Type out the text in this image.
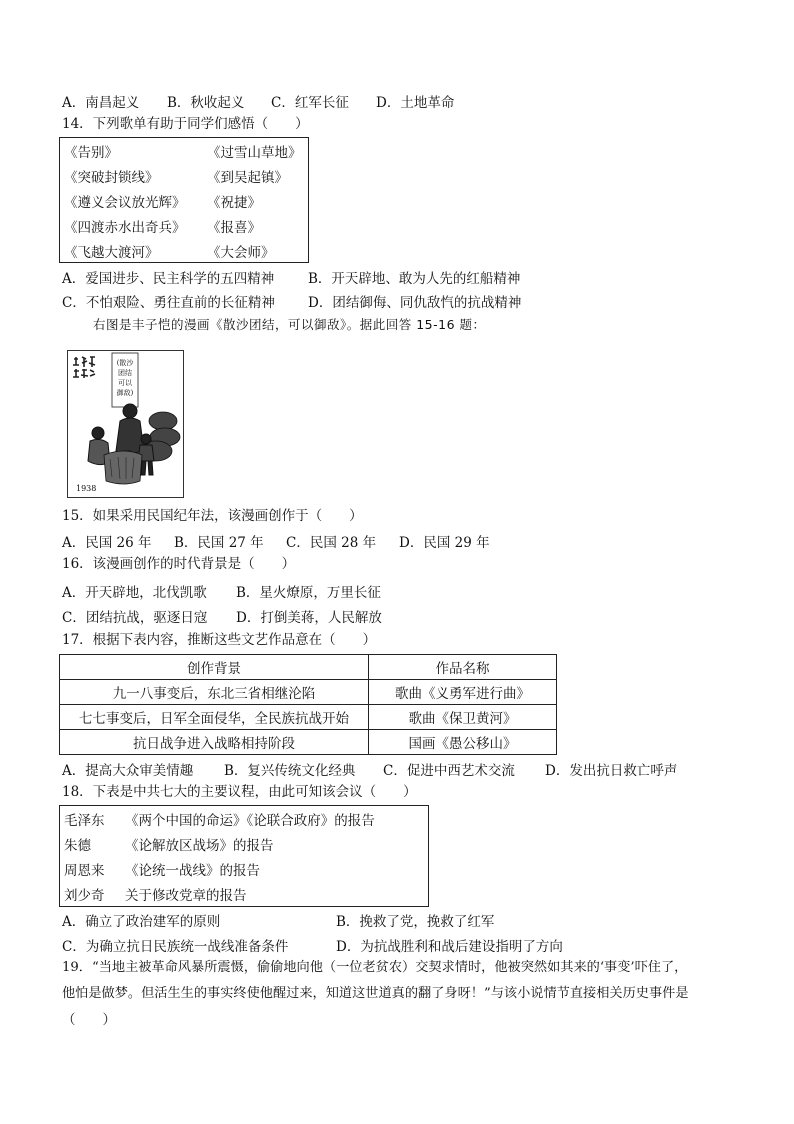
A．南昌起义 B．秋收起义 C．红军长征 D．土地革命
14．下列歌单有助于同学们感悟（　　）
《告别》	《过雪山草地》
《突破封锁线》	《到吴起镇》
《遵义会议放光辉》 《祝捷》
《四渡赤水出奇兵》 《报喜》
《飞越大渡河》	《大会师》
A．爱国进步、民主科学的五四精神	B．开天辟地、敢为人先的红船精神
C．不怕艰险、勇往直前的长征精神 D．团结御侮、同仇敌忾的抗战精神
右图是丰子恺的漫画《散沙团结，可以御敌》。据此回答 15-16 题：
(散沙
团结
可以
御敌)
1938
15．如果采用民国纪年法，该漫画创作于（　　）
A．民国 26 年 B．民国 27 年 C．民国 28 年 D．民国 29 年
16．该漫画创作的时代背景是（　　）
A．开天辟地，北伐凯歌 B．星火燎原，万里长征
C．团结抗战，驱逐日寇 D．打倒美蒋，人民解放
17．根据下表内容，推断这些文艺作品意在（　　）
创作背景	作品名称
九一八事变后，东北三省相继沦陷	歌曲《义勇军进行曲》
七七事变后，日军全面侵华，全民族抗战开始	歌曲《保卫黄河》
抗日战争进入战略相持阶段	国画《愚公移山》
A．提高大众审美情趣 B．复兴传统文化经典 C．促进中西艺术交流 D．发出抗日救亡呼声
18．下表是中共七大的主要议程，由此可知该会议（　　）
毛泽东 《两个中国的命运》《论联合政府》的报告
朱德	《论解放区战场》的报告
周恩来 《论统一战线》的报告
刘少奇 关于修改党章的报告
A．确立了政治建军的原则	B．挽救了党，挽救了红军
C．为确立抗日民族统一战线准备条件	D．为抗战胜利和战后建设指明了方向
19．“当地主被革命风暴所震慑，偷偷地向他（一位老贫农）交契求情时，他被突然如其来的‘事变’吓住了，
他怕是做梦。但活生生的事实终使他醒过来，知道这世道真的翻了身呀！”与该小说情节直接相关历史事件是
（　　）
